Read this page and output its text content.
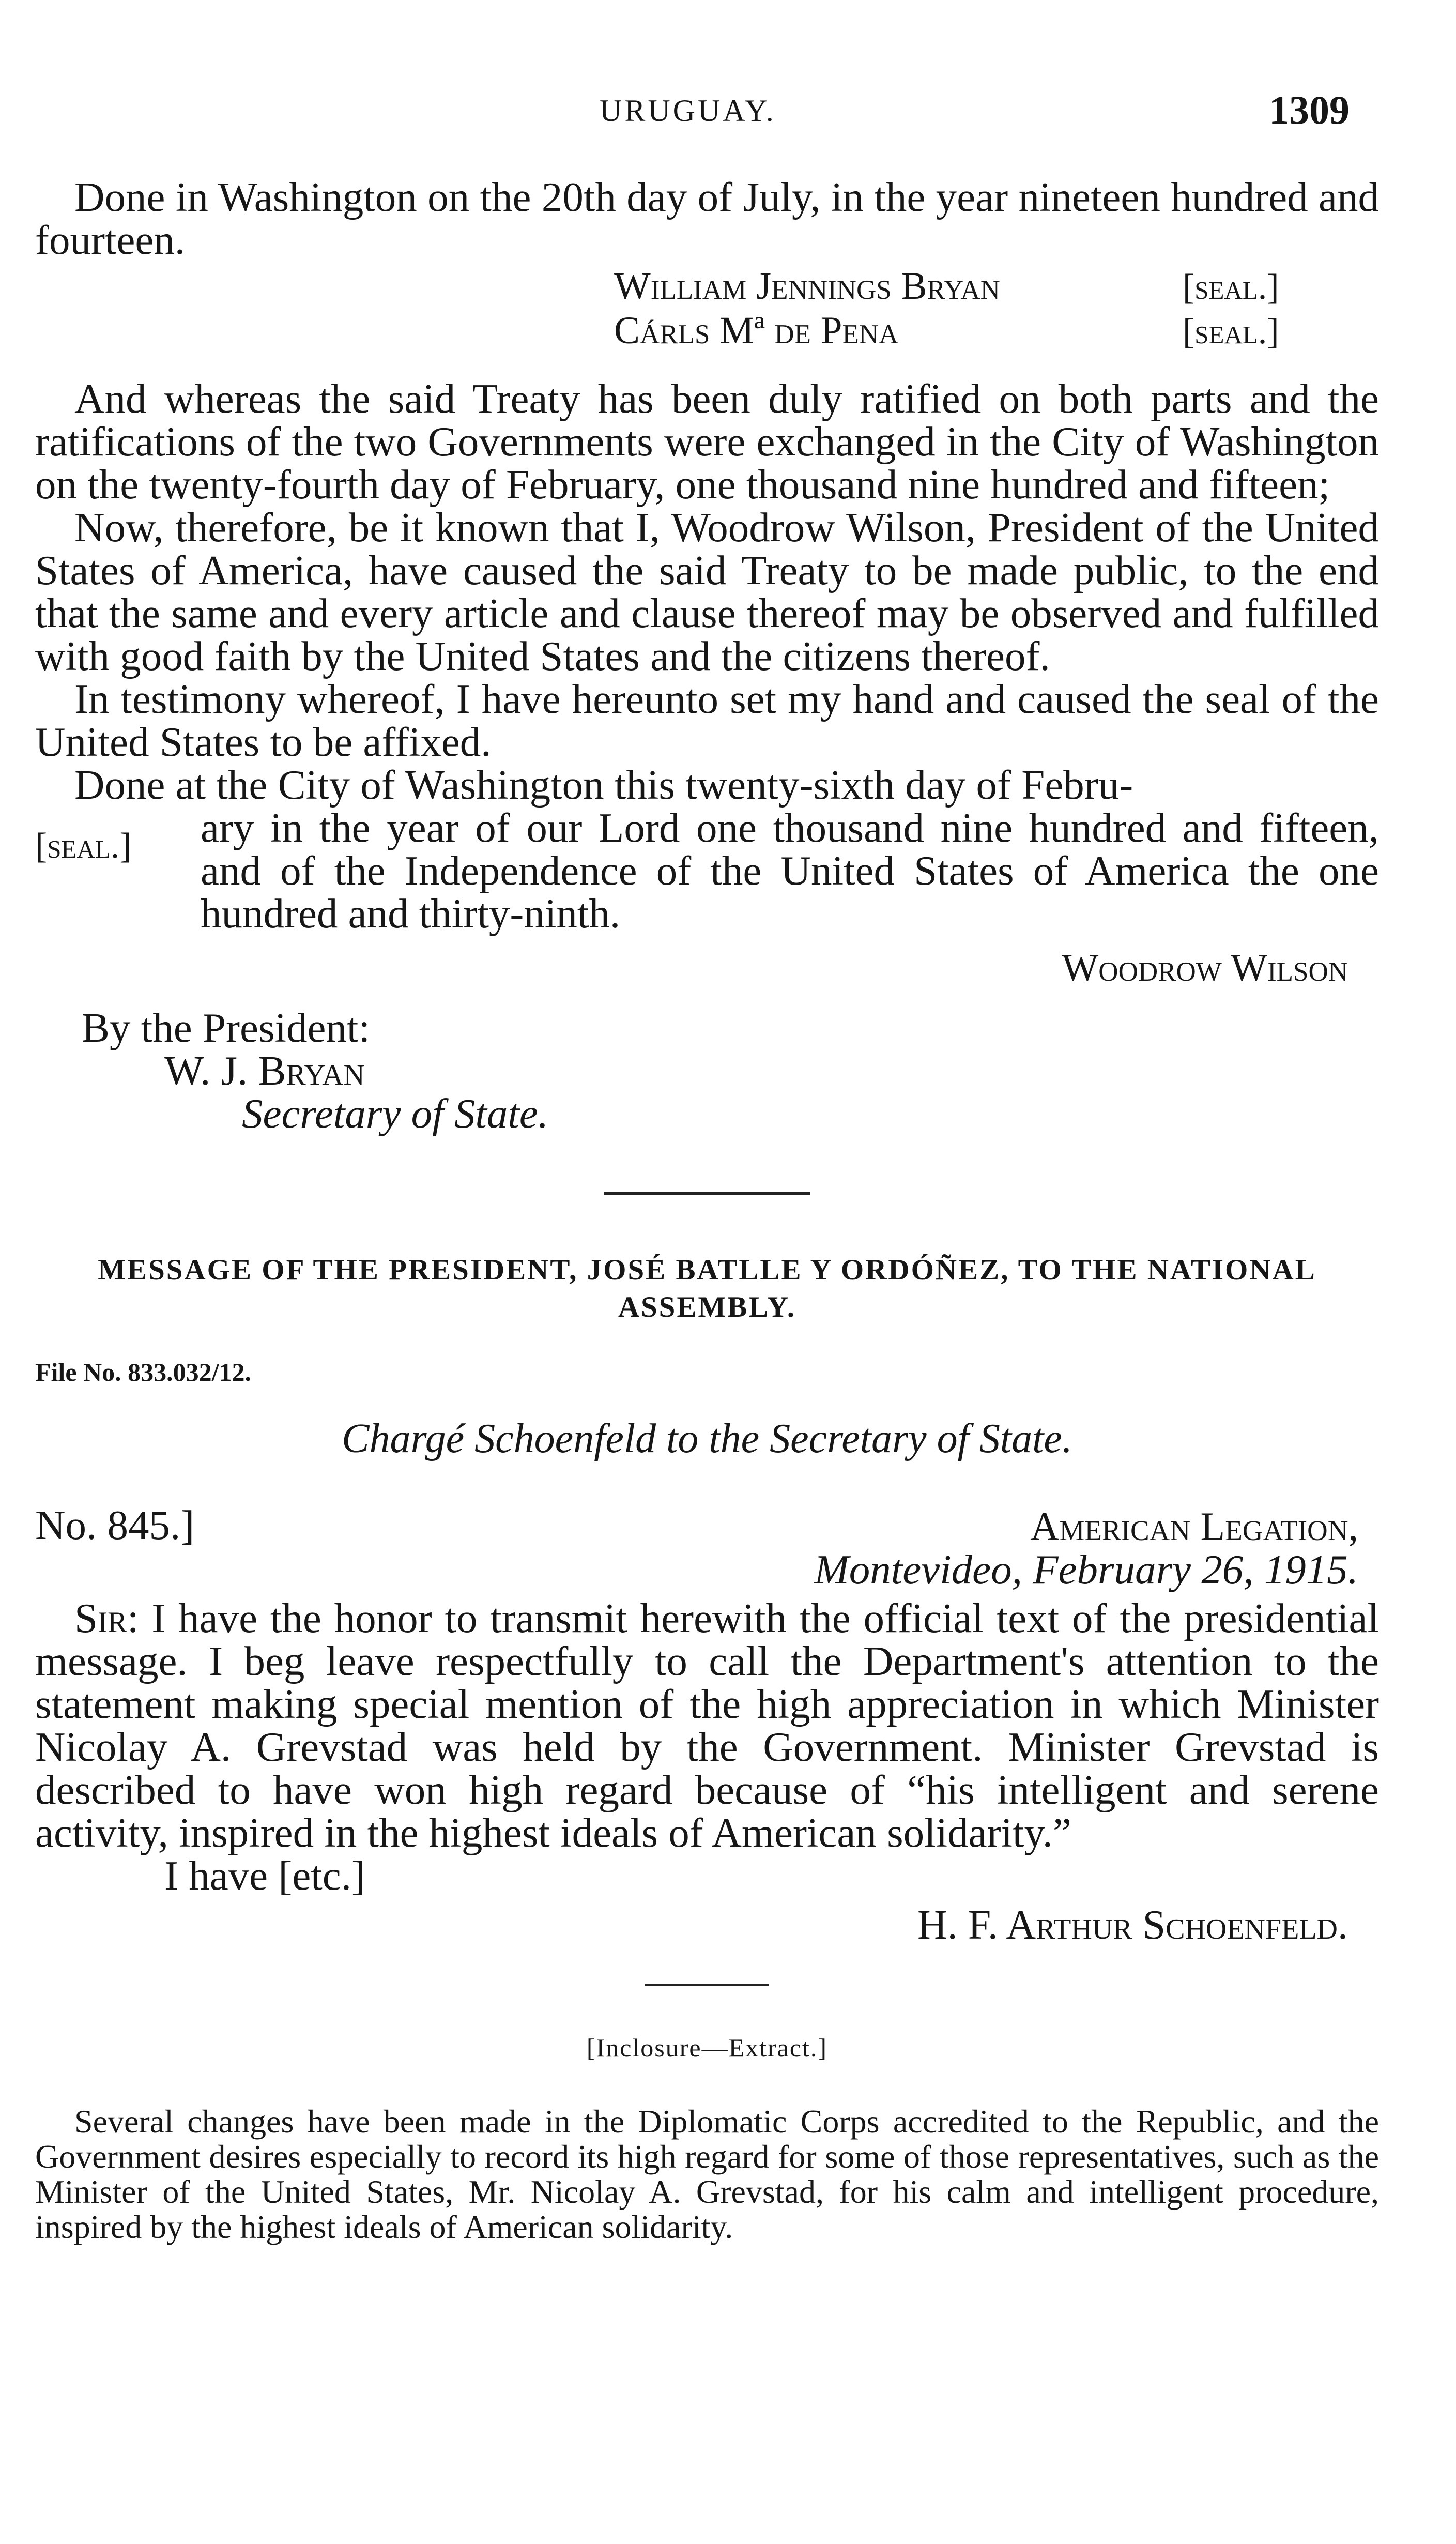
URUGUAY.	1309

Done in Washington on the 20th day of July, in the year nineteen hundred and fourteen.

William Jennings Bryan	[seal.]
Cárls Mª de Pena	[seal.]

And whereas the said Treaty has been duly ratified on both parts and the ratifications of the two Governments were exchanged in the City of Washington on the twenty-fourth day of February, one thousand nine hundred and fifteen;

Now, therefore, be it known that I, Woodrow Wilson, President of the United States of America, have caused the said Treaty to be made public, to the end that the same and every article and clause thereof may be observed and fulfilled with good faith by the United States and the citizens thereof.

In testimony whereof, I have hereunto set my hand and caused the seal of the United States to be affixed.

Done at the City of Washington this twenty-sixth day of Febru-

[seal.] ary in the year of our Lord one thousand nine hundred and fifteen, and of the Independence of the United States of America the one hundred and thirty-ninth.

Woodrow Wilson
By the President:
W. J. Bryan
Secretary of State.
MESSAGE OF THE PRESIDENT, JOSÉ BATLLE Y ORDÓÑEZ, TO THE NATIONAL ASSEMBLY.
File No. 833.032/12.
Chargé Schoenfeld to the Secretary of State.
No. 845.]	American Legation,
Montevideo, February 26, 1915.

Sir: I have the honor to transmit herewith the official text of the presidential message. I beg leave respectfully to call the Department's attention to the statement making special mention of the high appreciation in which Minister Nicolay A. Grevstad was held by the Government. Minister Grevstad is described to have won high regard because of “his intelligent and serene activity, inspired in the highest ideals of American solidarity.”

I have [etc.]
H. F. Arthur Schoenfeld.
[Inclosure—Extract.]

Several changes have been made in the Diplomatic Corps accredited to the Republic, and the Government desires especially to record its high regard for some of those representatives, such as the Minister of the United States, Mr. Nicolay A. Grevstad, for his calm and intelligent procedure, inspired by the highest ideals of American solidarity.
